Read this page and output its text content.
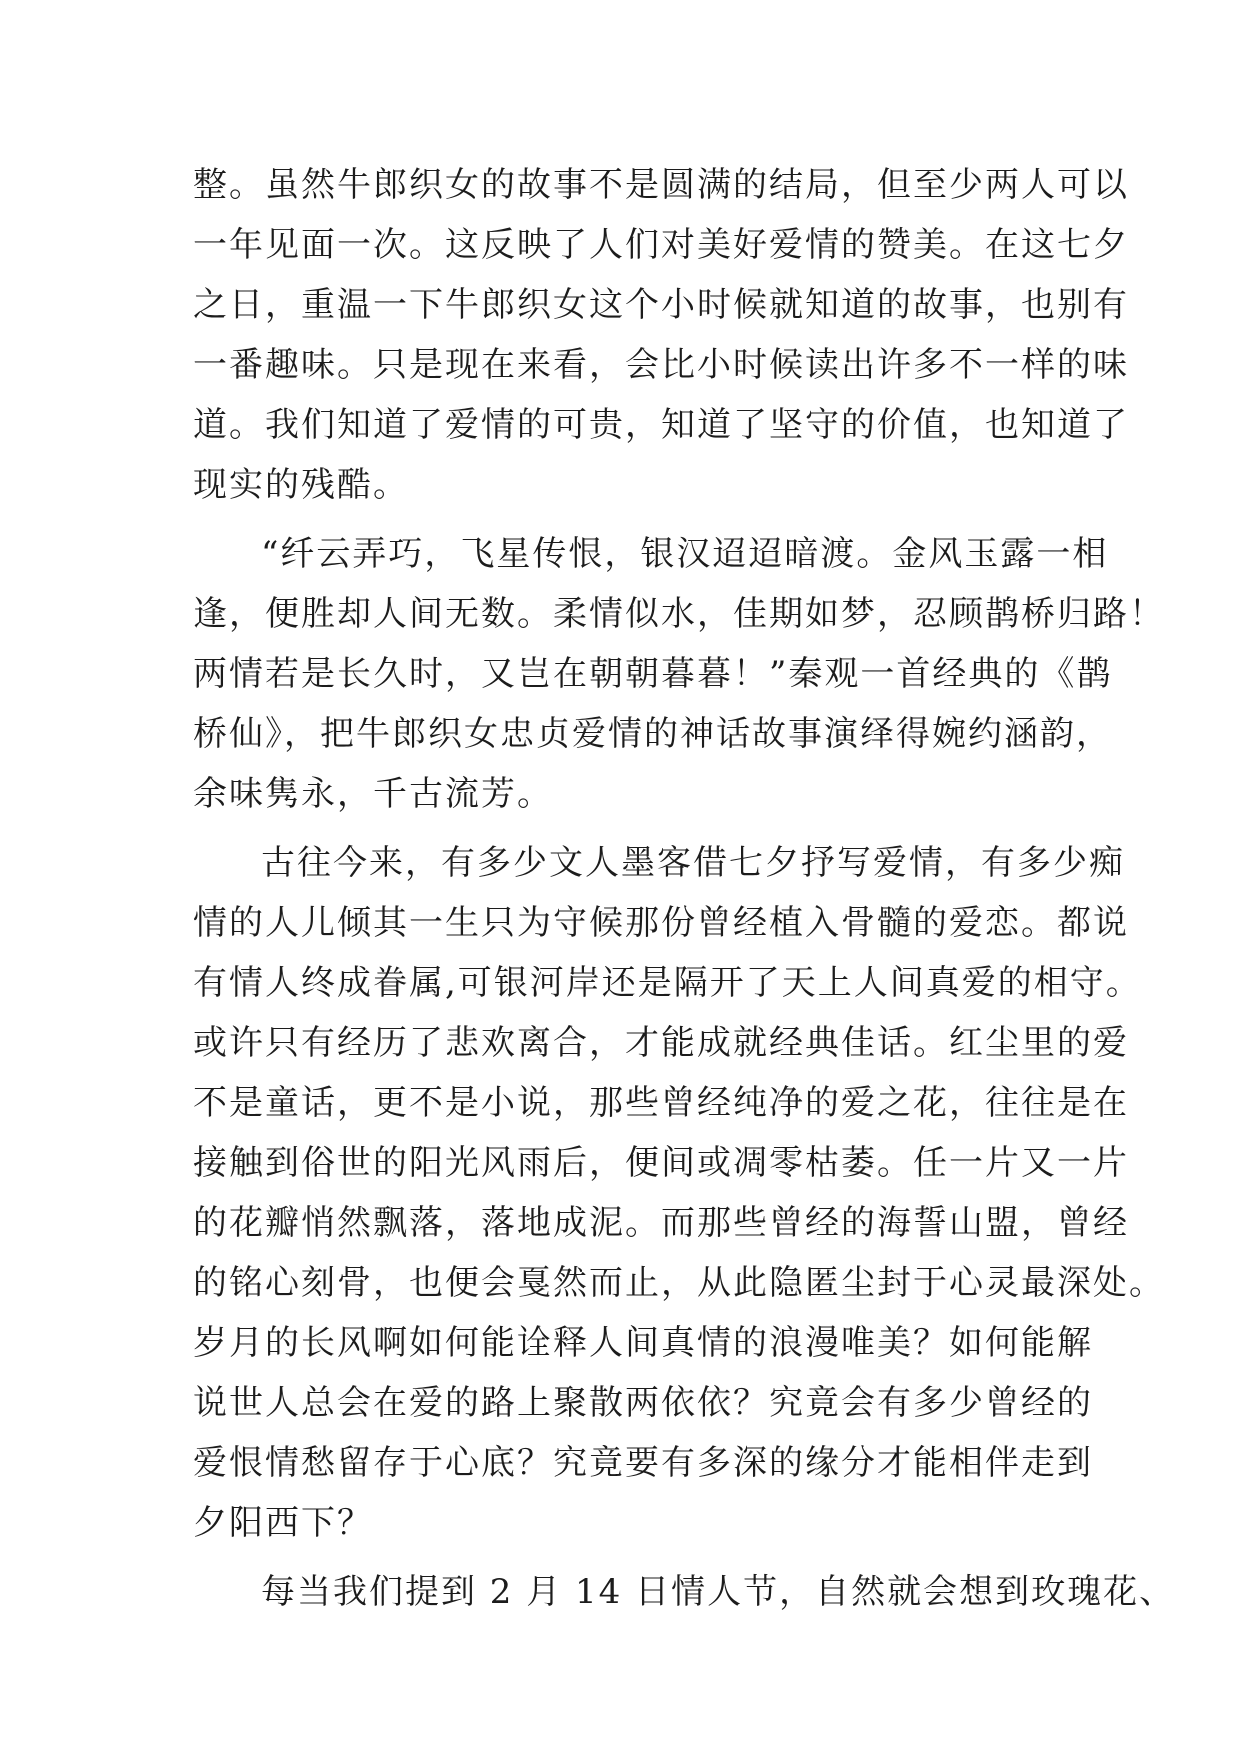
整。虽然牛郎织女的故事不是圆满的结局，但至少两人可以
一年见面一次。这反映了人们对美好爱情的赞美。在这七夕
之日，重温一下牛郎织女这个小时候就知道的故事，也别有
一番趣味。只是现在来看，会比小时候读出许多不一样的味
道。我们知道了爱情的可贵，知道了坚守的价值，也知道了
现实的残酷。
“纤云弄巧，飞星传恨，银汉迢迢暗渡。金风玉露一相
逢，便胜却人间无数。柔情似水，佳期如梦，忍顾鹊桥归路！
两情若是长久时，又岂在朝朝暮暮！”秦观一首经典的《鹊
桥仙》，把牛郎织女忠贞爱情的神话故事演绎得婉约涵韵，
余味隽永，千古流芳。
古往今来，有多少文人墨客借七夕抒写爱情，有多少痴
情的人儿倾其一生只为守候那份曾经植入骨髓的爱恋。都说
有情人终成眷属,可银河岸还是隔开了天上人间真爱的相守。
或许只有经历了悲欢离合，才能成就经典佳话。红尘里的爱
不是童话，更不是小说，那些曾经纯净的爱之花，往往是在
接触到俗世的阳光风雨后，便间或凋零枯萎。任一片又一片
的花瓣悄然飘落，落地成泥。而那些曾经的海誓山盟，曾经
的铭心刻骨，也便会戛然而止，从此隐匿尘封于心灵最深处。
岁月的长风啊如何能诠释人间真情的浪漫唯美？如何能解
说世人总会在爱的路上聚散两依依？究竟会有多少曾经的
爱恨情愁留存于心底？究竟要有多深的缘分才能相伴走到
夕阳西下？
每当我们提到 2 月 14 日情人节，自然就会想到玫瑰花、
